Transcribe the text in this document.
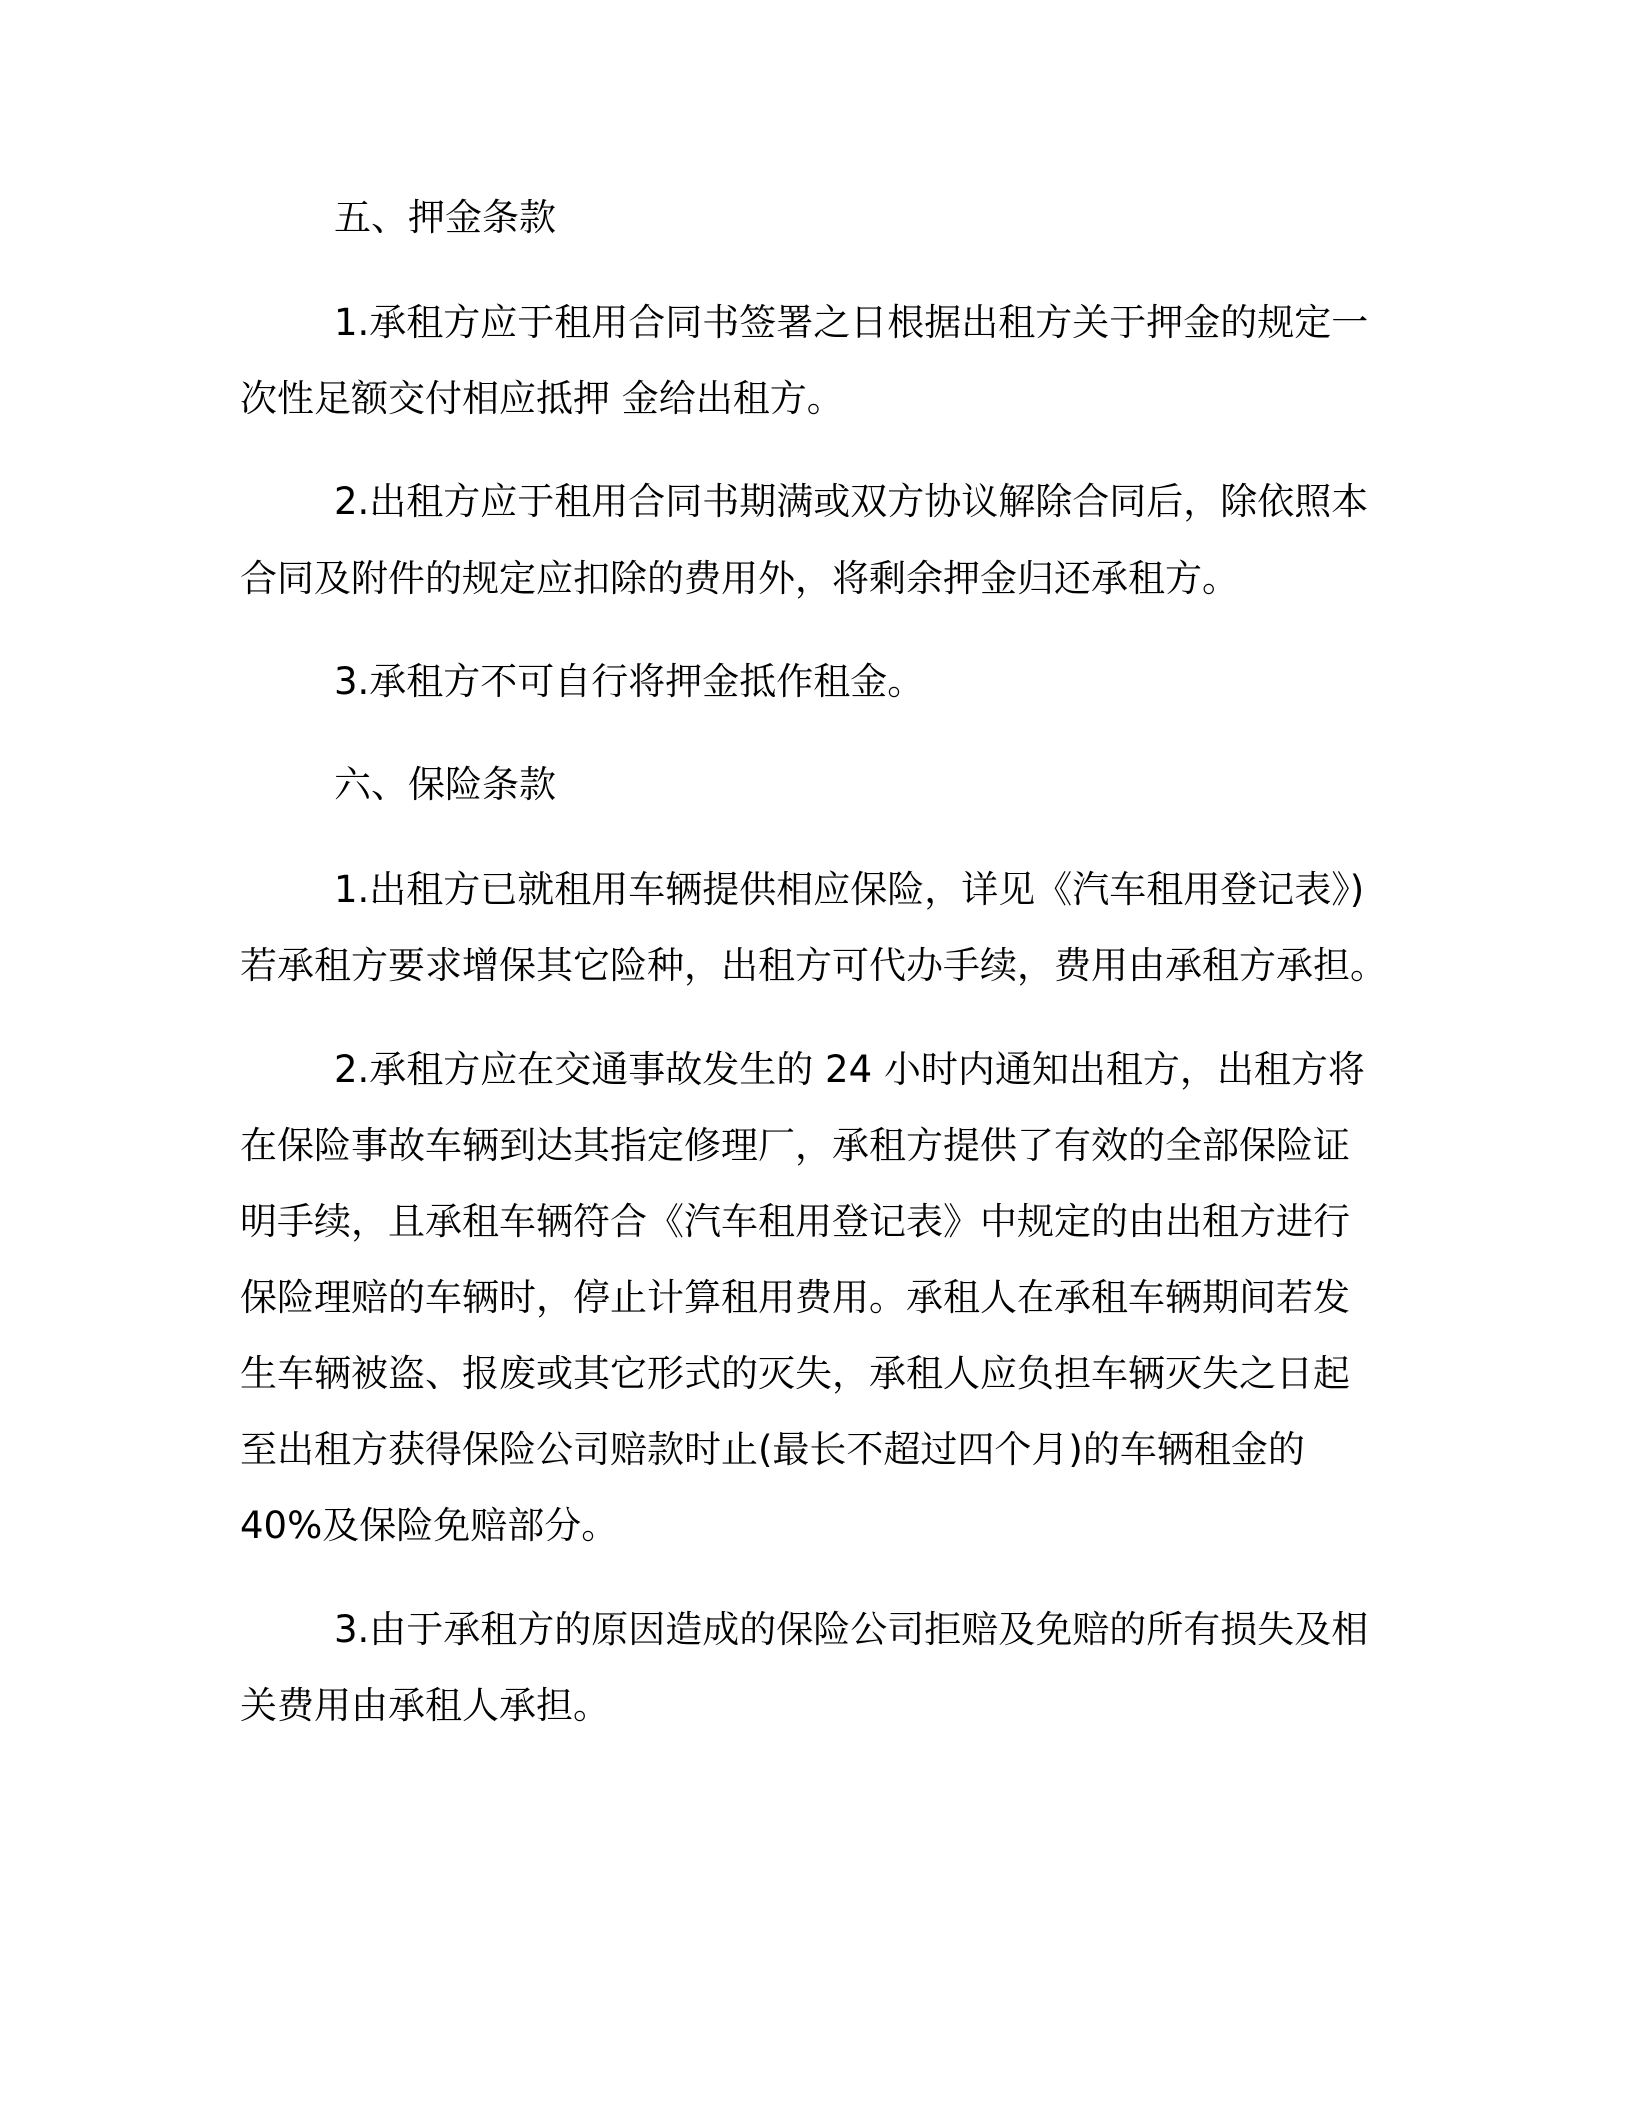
五、押金条款
1.承租方应于租用合同书签署之日根据出租方关于押金的规定一
次性足额交付相应抵押 金给出租方。
2.出租方应于租用合同书期满或双方协议解除合同后，除依照本
合同及附件的规定应扣除的费用外，将剩余押金归还承租方。
3.承租方不可自行将押金抵作租金。
六、保险条款
1.出租方已就租用车辆提供相应保险，详见《汽车租用登记表》)
若承租方要求增保其它险种，出租方可代办手续，费用由承租方承担。
2.承租方应在交通事故发生的 24 小时内通知出租方，出租方将
在保险事故车辆到达其指定修理厂，承租方提供了有效的全部保险证
明手续，且承租车辆符合《汽车租用登记表》中规定的由出租方进行
保险理赔的车辆时，停止计算租用费用。承租人在承租车辆期间若发
生车辆被盗、报废或其它形式的灭失，承租人应负担车辆灭失之日起
至出租方获得保险公司赔款时止(最长不超过四个月)的车辆租金的
40%及保险免赔部分。
3.由于承租方的原因造成的保险公司拒赔及免赔的所有损失及相
关费用由承租人承担。
